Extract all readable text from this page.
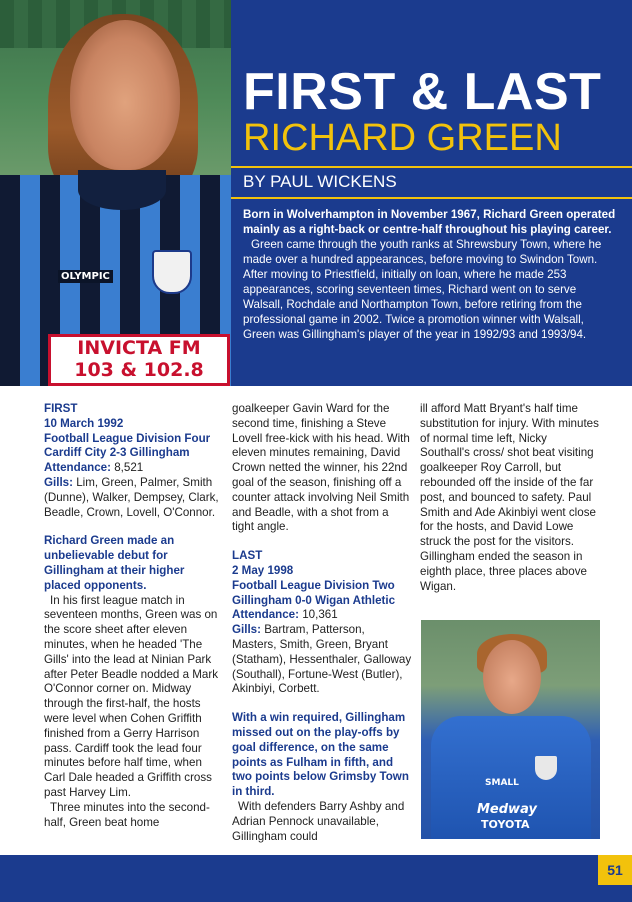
OLYMPIC
INVICTA FM
103 & 102.8
FIRST & LAST
RICHARD GREEN
BY PAUL WICKENS

Born in Wolverhampton in November 1967, Richard Green operated mainly as a right-back or centre-half throughout his playing career.

Green came through the youth ranks at Shrewsbury Town, where he made over a hundred appearances, before moving to Swindon Town. After moving to Priestfield, initially on loan, where he made 253 appearances, scoring seventeen times, Richard went on to serve Walsall, Rochdale and Northampton Town, before retiring from the professional game in 2002. Twice a promotion winner with Walsall, Green was Gillingham's player of the year in 1992/93 and 1993/94.

FIRST

10 March 1992

Football League Division Four

Cardiff City 2-3 Gillingham

Attendance: 8,521

Gills: Lim, Green, Palmer, Smith (Dunne), Walker, Dempsey, Clark, Beadle, Crown, Lovell, O'Connor.

Richard Green made an unbelievable debut for Gillingham at their higher placed opponents.

In his first league match in seventeen months, Green was on the score sheet after eleven minutes, when he headed 'The Gills' into the lead at Ninian Park after Peter Beadle nodded a Mark O'Connor corner on. Midway through the first-half, the hosts were level when Cohen Griffith finished from a Gerry Harrison pass. Cardiff took the lead four minutes before half time, when Carl Dale headed a Griffith cross past Harvey Lim.

Three minutes into the second-half, Green beat home

goalkeeper Gavin Ward for the second time, finishing a Steve Lovell free-kick with his head. With eleven minutes remaining, David Crown netted the winner, his 22nd goal of the season, finishing off a counter attack involving Neil Smith and Beadle, with a shot from a tight angle.

LAST

2 May 1998

Football League Division Two

Gillingham 0-0 Wigan Athletic

Attendance: 10,361

Gills: Bartram, Patterson, Masters, Smith, Green, Bryant (Statham), Hessenthaler, Galloway (Southall), Fortune-West (Butler), Akinbiyi, Corbett.

With a win required, Gillingham missed out on the play-offs by goal difference, on the same points as Fulham in fifth, and two points below Grimsby Town in third.

With defenders Barry Ashby and Adrian Pennock unavailable, Gillingham could

ill afford Matt Bryant's half time substitution for injury. With minutes of normal time left, Nicky Southall's cross/ shot beat visiting goalkeeper Roy Carroll, but rebounded off the inside of the far post, and bounced to safety. Paul Smith and Ade Akinbiyi went close for the hosts, and David Lowe struck the post for the visitors. Gillingham ended the season in eighth place, three places above Wigan.

SMALL
Medway
TOYOTA
51
